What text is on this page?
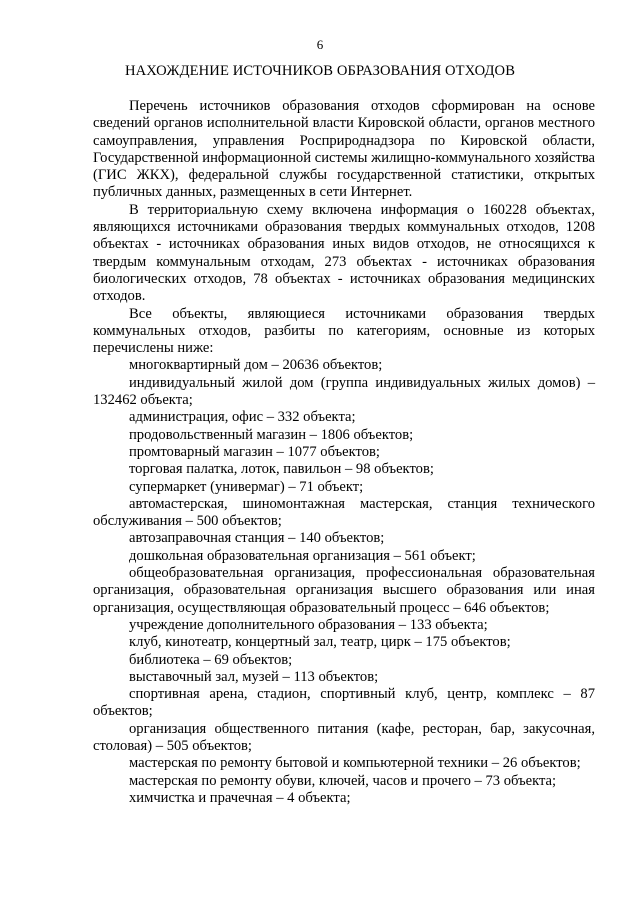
6
НАХОЖДЕНИЕ ИСТОЧНИКОВ ОБРАЗОВАНИЯ ОТХОДОВ

Перечень источников образования отходов сформирован на основе сведений органов исполнительной власти Кировской области, органов местного самоуправления, управления Росприроднадзора по Кировской области, Государственной информационной системы жилищно-коммунального хозяйства (ГИС ЖКХ), федеральной службы государственной статистики, открытых публичных данных, размещенных в сети Интернет.

В территориальную схему включена информация о 160228 объектах, являющихся источниками образования твердых коммунальных отходов, 1208 объектах - источниках образования иных видов отходов, не относящихся к твердым коммунальным отходам, 273 объектах - источниках образования биологических отходов, 78 объектах - источниках образования медицинских отходов.

Все объекты, являющиеся источниками образования твердых коммунальных отходов, разбиты по категориям, основные из которых перечислены ниже:

многоквартирный дом – 20636 объектов;

индивидуальный жилой дом (группа индивидуальных жилых домов) – 132462 объекта;

администрация, офис – 332 объекта;

продовольственный магазин – 1806 объектов;

промтоварный магазин – 1077 объектов;

торговая палатка, лоток, павильон – 98 объектов;

супермаркет (универмаг) – 71 объект;

автомастерская, шиномонтажная мастерская, станция технического обслуживания – 500 объектов;

автозаправочная станция – 140 объектов;

дошкольная образовательная организация – 561 объект;

общеобразовательная организация, профессиональная образовательная организация, образовательная организация высшего образования или иная организация, осуществляющая образовательный процесс – 646 объектов;

учреждение дополнительного образования – 133 объекта;

клуб, кинотеатр, концертный зал, театр, цирк – 175 объектов;

библиотека – 69 объектов;

выставочный зал, музей – 113 объектов;

спортивная арена, стадион, спортивный клуб, центр, комплекс – 87 объектов;

организация общественного питания (кафе, ресторан, бар, закусочная, столовая) – 505 объектов;

мастерская по ремонту бытовой и компьютерной техники – 26 объектов;

мастерская по ремонту обуви, ключей, часов и прочего – 73 объекта;

химчистка и прачечная – 4 объекта;
